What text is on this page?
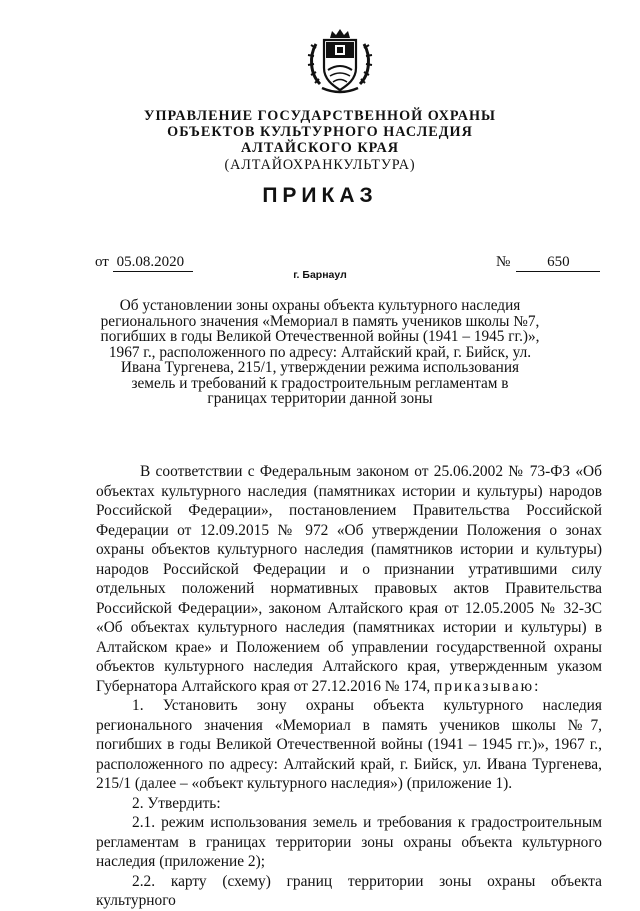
УПРАВЛЕНИЕ ГОСУДАРСТВЕННОЙ ОХРАНЫ
ОБЪЕКТОВ КУЛЬТУРНОГО НАСЛЕДИЯ
АЛТАЙСКОГО КРАЯ
(АЛТАЙОХРАНКУЛЬТУРА)
ПРИКАЗ
от 05.08.2020	№ 650
г. Барнаул
Об установлении зоны охраны объекта культурного наследия регионального значения «Мемориал в память учеников школы №7, погибших в годы Великой Отечественной войны (1941 – 1945 гг.)», 1967 г., расположенного по адресу: Алтайский край, г. Бийск, ул. Ивана Тургенева, 215/1, утверждении режима использования земель и требований к градостроительным регламентам в границах территории данной зоны

В соответствии с Федеральным законом от 25.06.2002 № 73-ФЗ «Об объектах культурного наследия (памятниках истории и культуры) народов Российской Федерации», постановлением Правительства Российской Федерации от 12.09.2015 № 972 «Об утверждении Положения о зонах охраны объектов культурного наследия (памятников истории и культуры) народов Российской Федерации и о признании утратившими силу отдельных положений нормативных правовых актов Правительства Российской Федерации», законом Алтайского края от 12.05.2005 № 32-ЗС «Об объектах культурного наследия (памятниках истории и культуры) в Алтайском крае» и Положением об управлении государственной охраны объектов культурного наследия Алтайского края, утвержденным указом Губернатора Алтайского края от 27.12.2016 № 174, приказываю:

1. Установить зону охраны объекта культурного наследия регионального значения «Мемориал в память учеников школы №7, погибших в годы Великой Отечественной войны (1941 – 1945 гг.)», 1967 г., расположенного по адресу: Алтайский край, г. Бийск, ул. Ивана Тургенева, 215/1 (далее – «объект культурного наследия») (приложение 1).

2. Утвердить:

2.1. режим использования земель и требования к градостроительным регламентам в границах территории зоны охраны объекта культурного наследия (приложение 2);

2.2. карту (схему) границ территории зоны охраны объекта культурного
